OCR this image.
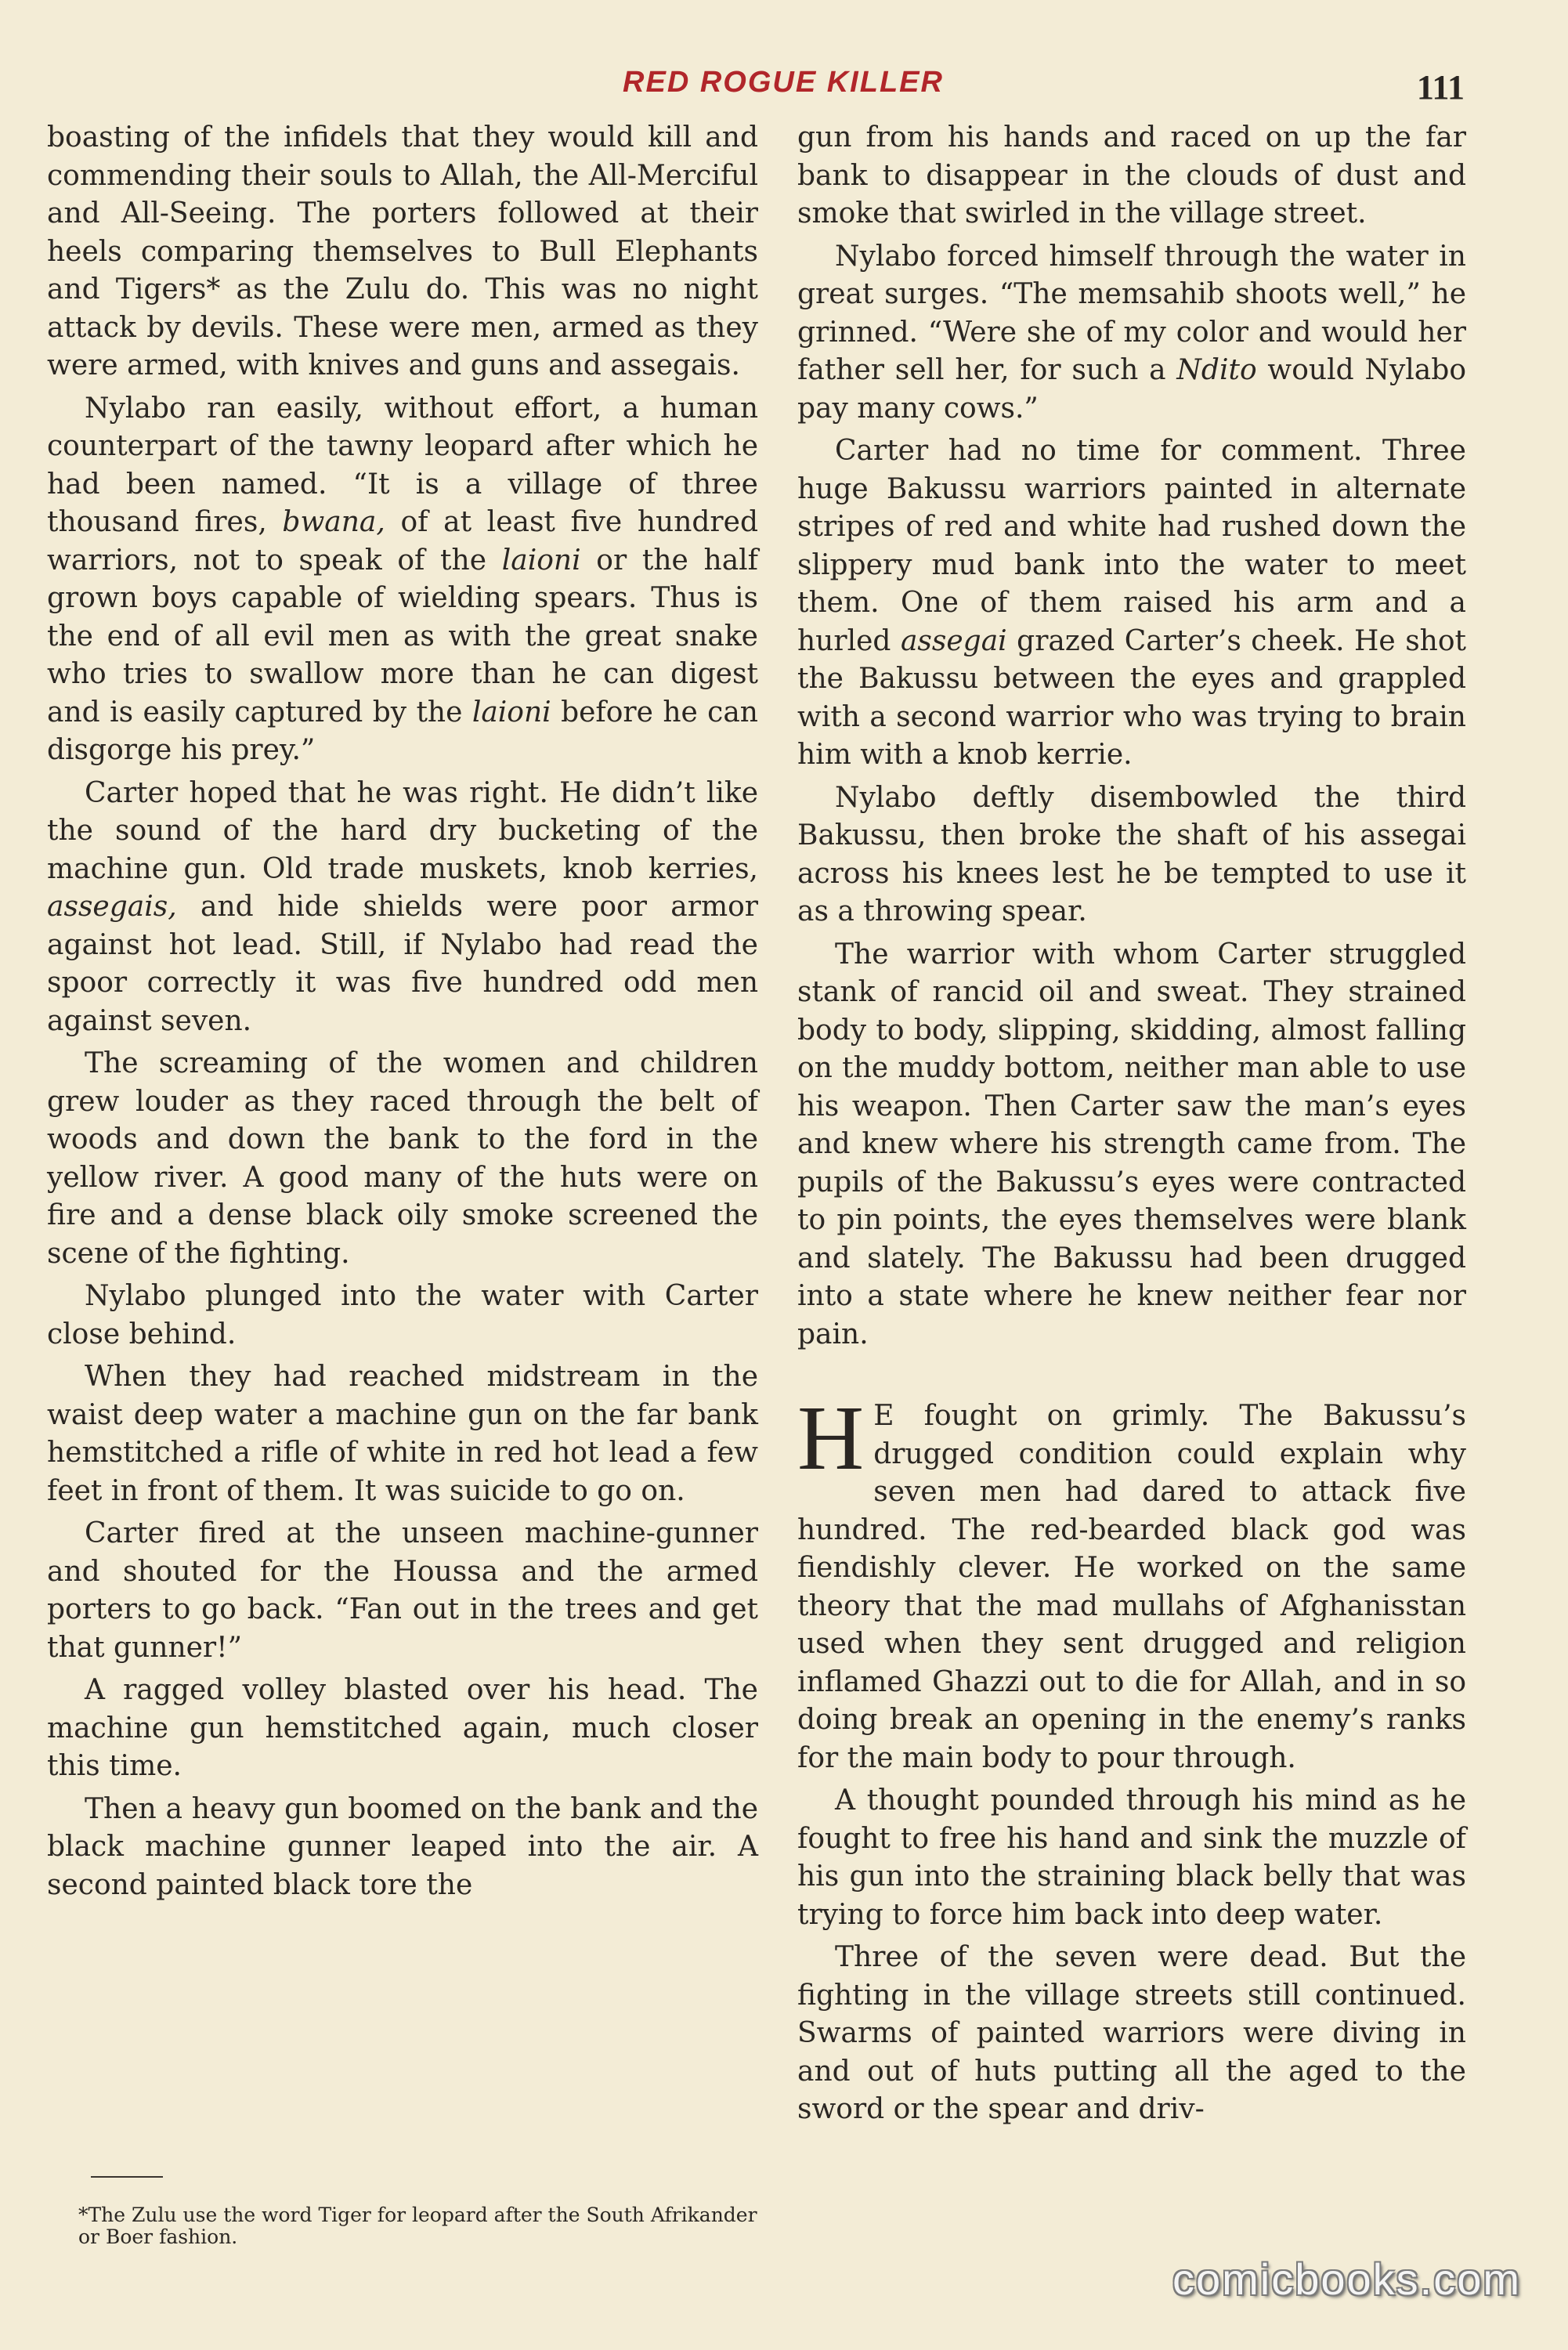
RED ROGUE KILLER	111

boasting of the infidels that they would kill and commending their souls to Allah, the All-Merciful and All-Seeing. The porters followed at their heels comparing themselves to Bull Elephants and Tigers* as the Zulu do. This was no night attack by devils. These were men, armed as they were armed, with knives and guns and assegais.

Nylabo ran easily, without effort, a human counterpart of the tawny leopard after which he had been named. “It is a village of three thousand fires, bwana, of at least five hundred warriors, not to speak of the laioni or the half grown boys capable of wielding spears. Thus is the end of all evil men as with the great snake who tries to swallow more than he can digest and is easily captured by the laioni before he can disgorge his prey.”

Carter hoped that he was right. He didn’t like the sound of the hard dry bucketing of the machine gun. Old trade muskets, knob kerries, assegais, and hide shields were poor armor against hot lead. Still, if Nylabo had read the spoor correctly it was five hundred odd men against seven.

The screaming of the women and children grew louder as they raced through the belt of woods and down the bank to the ford in the yellow river. A good many of the huts were on fire and a dense black oily smoke screened the scene of the fighting.

Nylabo plunged into the water with Carter close behind.

When they had reached midstream in the waist deep water a machine gun on the far bank hemstitched a rifle of white in red hot lead a few feet in front of them. It was suicide to go on.

Carter fired at the unseen machine-gunner and shouted for the Houssa and the armed porters to go back. “Fan out in the trees and get that gunner!”

A ragged volley blasted over his head. The machine gun hemstitched again, much closer this time.

Then a heavy gun boomed on the bank and the black machine gunner leaped into the air. A second painted black tore the

gun from his hands and raced on up the far bank to disappear in the clouds of dust and smoke that swirled in the village street.

Nylabo forced himself through the water in great surges. “The memsahib shoots well,” he grinned. “Were she of my color and would her father sell her, for such a Ndito would Nylabo pay many cows.”

Carter had no time for comment. Three huge Bakussu warriors painted in alternate stripes of red and white had rushed down the slippery mud bank into the water to meet them. One of them raised his arm and a hurled assegai grazed Carter’s cheek. He shot the Bakussu between the eyes and grappled with a second warrior who was trying to brain him with a knob kerrie.

Nylabo deftly disembowled the third Bakussu, then broke the shaft of his assegai across his knees lest he be tempted to use it as a throwing spear.

The warrior with whom Carter struggled stank of rancid oil and sweat. They strained body to body, slipping, skidding, almost falling on the muddy bottom, neither man able to use his weapon. Then Carter saw the man’s eyes and knew where his strength came from. The pupils of the Bakussu’s eyes were contracted to pin points, the eyes themselves were blank and slately. The Bakussu had been drugged into a state where he knew neither fear nor pain.

H E fought on grimly. The Bakussu’s drugged condition could explain why seven men had dared to attack five hundred. The red-bearded black god was fiendishly clever. He worked on the same theory that the mad mullahs of Afghanisstan used when they sent drugged and religion inflamed Ghazzi out to die for Allah, and in so doing break an opening in the enemy’s ranks for the main body to pour through.

A thought pounded through his mind as he fought to free his hand and sink the muzzle of his gun into the straining black belly that was trying to force him back into deep water.

Three of the seven were dead. But the fighting in the village streets still continued. Swarms of painted warriors were diving in and out of huts putting all the aged to the sword or the spear and driv-

*The Zulu use the word Tiger for leopard after the South Afrikander or Boer fashion.
comicbooks.com
